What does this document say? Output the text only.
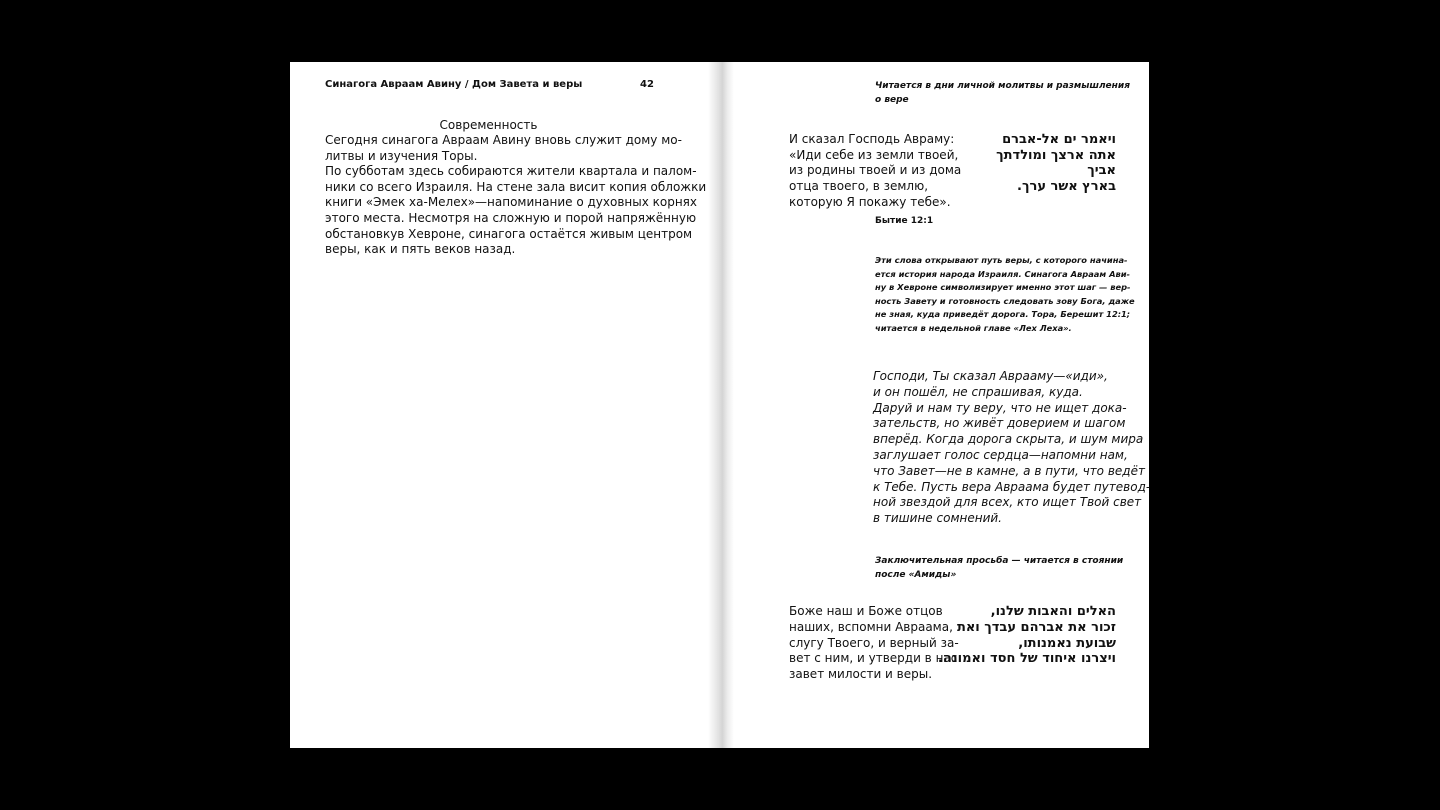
Синагога Авраам Авину / Дом Завета и веры	42
Современность
Сегодня синагога Авраам Авину вновь служит дому мо-
литвы и изучения Торы.
По субботам здесь собираются жители квартала и палом-
ники со всего Израиля. На стене зала висит копия обложки
книги «Эмек ха-Мелех»—напоминание о духовных корнях
этого места. Несмотря на сложную и порой напряжённую
обстановкув Хевроне, синагога остаётся живым центром
веры, как и пять веков назад.
Читается в дни личной молитвы и размышления
о вере
И сказал Господь Авраму:
«Иди себе из земли твоей,
из родины твоей и из дома
отца твоего, в землю,
которую Я покажу тебе».
ויאמר ים אל-אברם
אתה ארצך ומולדתך
אביך
בארץ אשר ערך.
Бытие 12:1
Эти слова открывают путь веры, с которого начина-
ется история народа Израиля. Синагога Авраам Ави-
ну в Хевроне символизирует именно этот шаг — вер-
ность Завету и готовность следовать зову Бога, даже
не зная, куда приведёт дорога. Тора, Берешит 12:1;
читается в недельной главе «Лех Леха».
Господи, Ты сказал Аврааму—«иди»,
и он пошёл, не спрашивая, куда.
Даруй и нам ту веру, что не ищет дока-
зательств, но живёт доверием и шагом
вперёд. Когда дорога скрыта, и шум мира
заглушает голос сердца—напомни нам,
что Завет—не в камне, а в пути, что ведёт
к Тебе. Пусть вера Авраама будет путевод-
ной звездой для всех, кто ищет Твой свет
в тишине сомнений.
Заключительная просьба — читается в стоянии
после «Амиды»
Боже наш и Боже отцов
наших, вспомни Авраама,
слугу Твоего, и верный за-
вет с ним, и утверди в нас
завет милости и веры.
האלים והאבות שלנו,
זכור את אברהם עבדך ואת
שבועת נאמנותו,
ויצרנו איחוד של חסד ואמונה.
